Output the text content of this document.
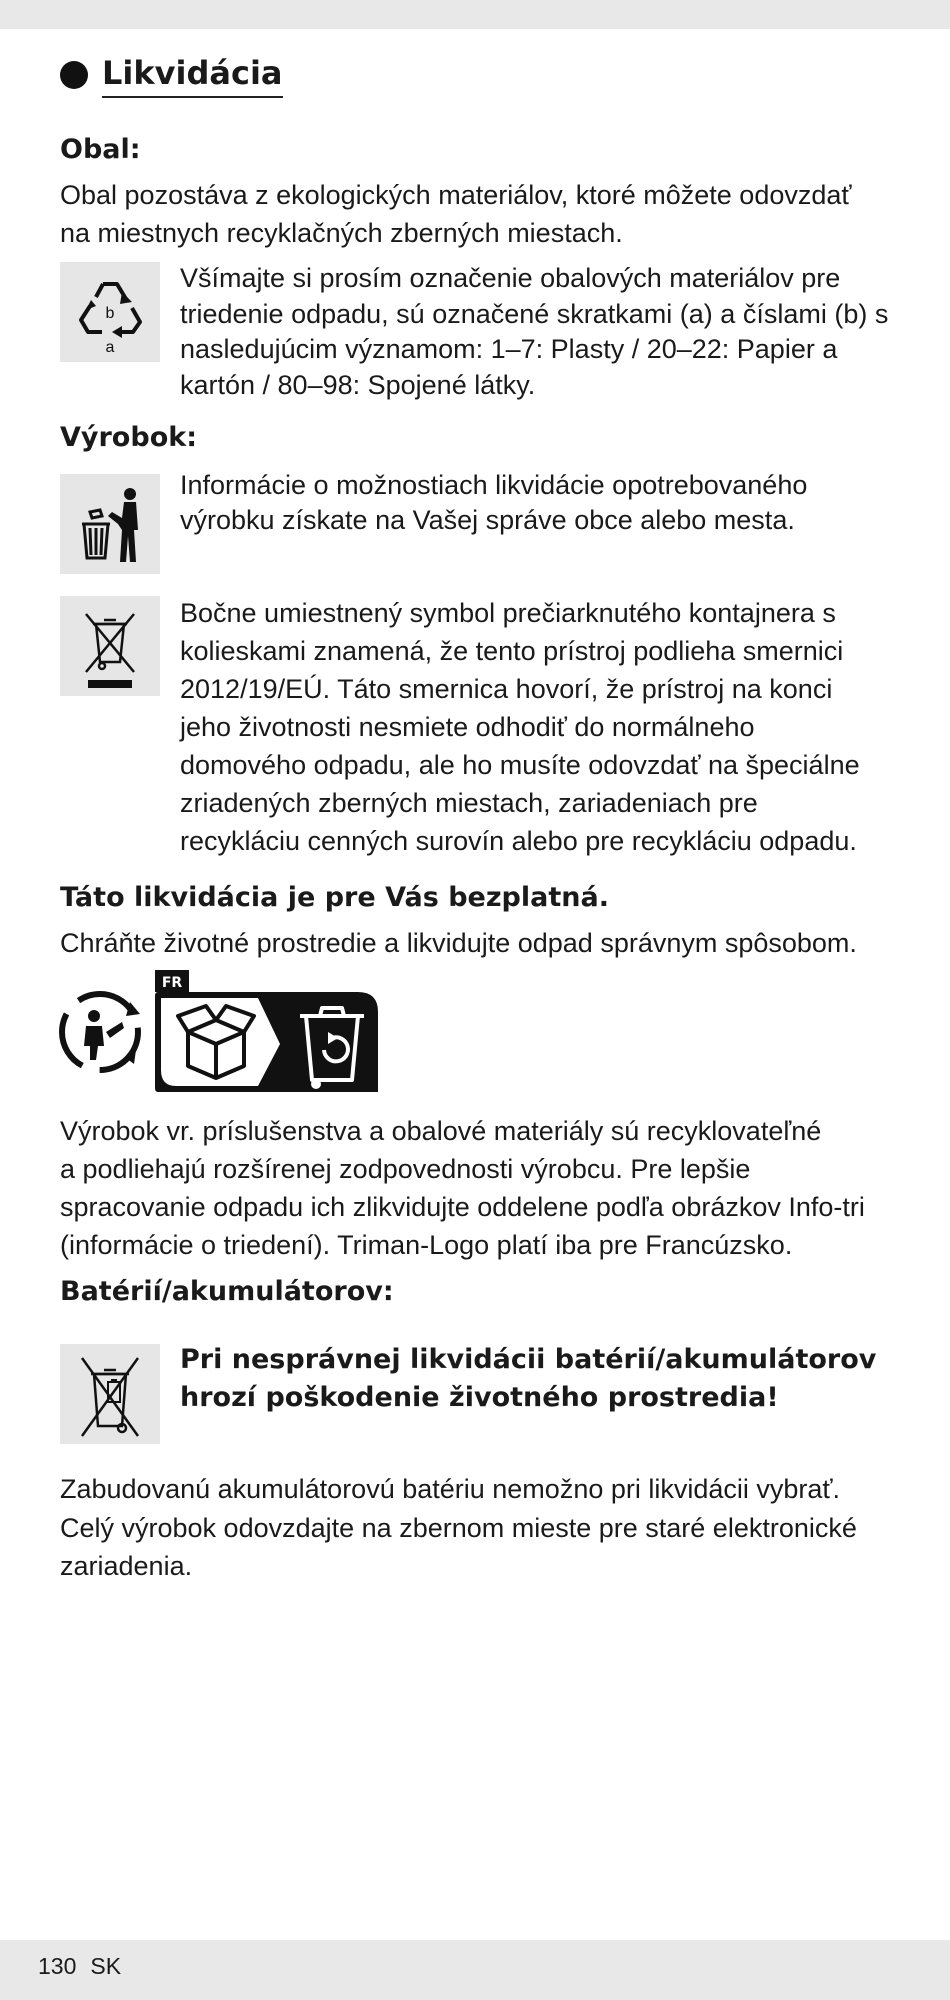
Likvidácia
Obal:
Obal pozostáva z ekologických materiálov, ktoré môžete odovzdať
na miestnych recyklačných zberných miestach.
b
a
Všímajte si prosím označenie obalových materiálov pre
triedenie odpadu, sú označené skratkami (a) a číslami (b) s
nasledujúcim významom: 1–7: Plasty / 20–22: Papier a
kartón / 80–98: Spojené látky.
Výrobok:
Informácie o možnostiach likvidácie opotrebovaného
výrobku získate na Vašej správe obce alebo mesta.
Bočne umiestnený symbol prečiarknutého kontajnera s
kolieskami znamená, že tento prístroj podlieha smernici
2012/19/EÚ. Táto smernica hovorí, že prístroj na konci
jeho životnosti nesmiete odhodiť do normálneho
domového odpadu, ale ho musíte odovzdať na špeciálne
zriadených zberných miestach, zariadeniach pre
recykláciu cenných surovín alebo pre recykláciu odpadu.
Táto likvidácia je pre Vás bezplatná.
Chráňte životné prostredie a likvidujte odpad správnym spôsobom.
FR
Výrobok vr. príslušenstva a obalové materiály sú recyklovateľné
a podliehajú rozšírenej zodpovednosti výrobcu. Pre lepšie
spracovanie odpadu ich zlikvidujte oddelene podľa obrázkov Info-tri
(informácie o triedení). Triman-Logo platí iba pre Francúzsko.
Batérií/akumulátorov:
Pri nesprávnej likvidácii batérií/akumulátorov
hrozí poškodenie životného prostredia!
Zabudovanú akumulátorovú batériu nemožno pri likvidácii vybrať.
Celý výrobok odovzdajte na zbernom mieste pre staré elektronické
zariadenia.
130 SK
